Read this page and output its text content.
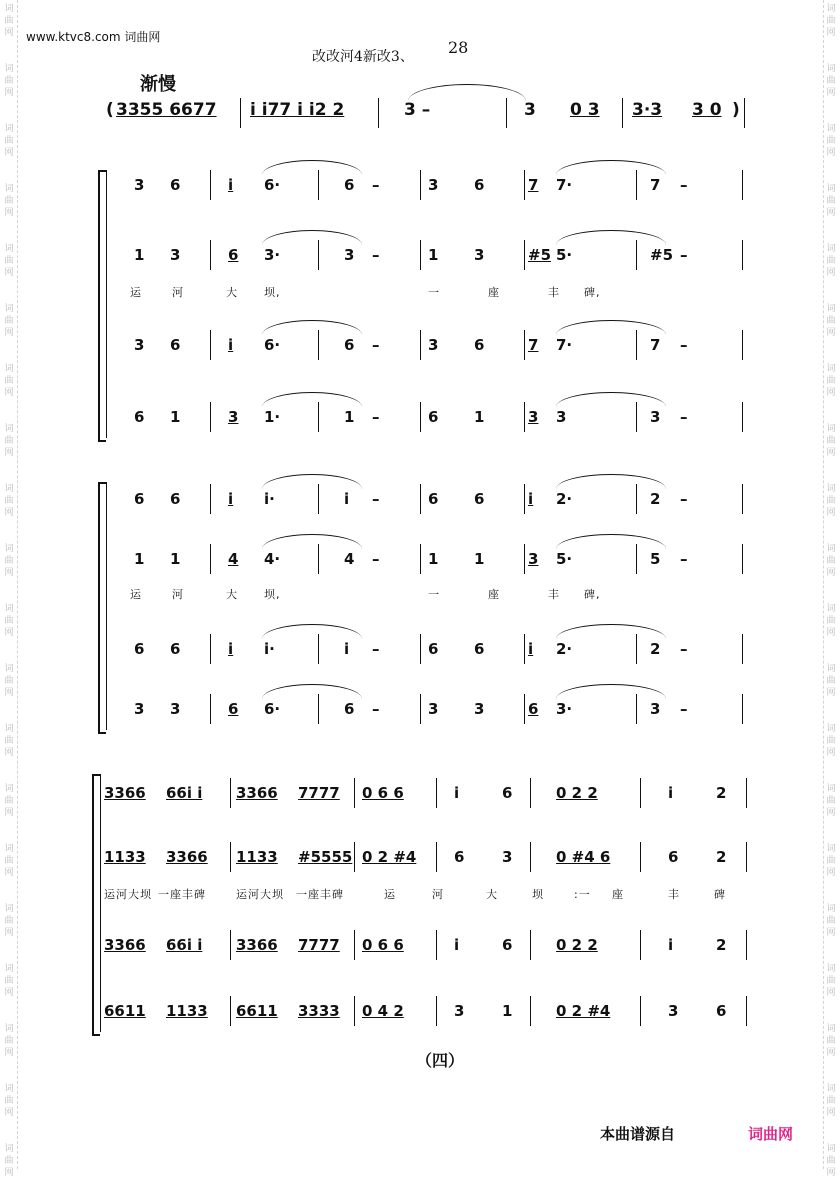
词
曲
网
词
曲
网
词
曲
网
词
曲
网
词
曲
网
词
曲
网
词
曲
网
词
曲
网
词
曲
网
词
曲
网
词
曲
网
词
曲
网
词
曲
网
词
曲
网
词
曲
网
词
曲
网
词
曲
网
词
曲
网
词
曲
网
词
曲
网
词
曲
网
词
曲
网
词
曲
网
词
曲
网
词
曲
网
词
曲
网
词
曲
网
词
曲
网
词
曲
网
词
曲
网
词
曲
网
词
曲
网
词
曲
网
词
曲
网
词
曲
网
词
曲
网
词
曲
网
词
曲
网
词
曲
网
词
曲
网
www.ktvc8.com 词曲网
改改河4新改3、 28
渐慢
( 3355 6677 i i77 i i2 2	3 –	3 0 3 3·3 3 0 )
3 6	i 6·	6 –	3 6	7 7·	7 –
1 3	6 3·	3 –	1 3	#5 5·	#5 –
3 6	i 6·	6 –	3 6	7 7·	7 –
6 1	3 1·	1 –	6 1	3 3	3 –
运	河	大 坝,	一	座	丰 碑,
6 6	i i·	i –	6 6	i 2·	2 –
1 1	4 4·	4 –	1 1	3 5·	5 –
6 6	i i·	i –	6 6	i 2·	2 –
3 3	6 6·	6 –	3 3	6 3·	3 –
运	河	大 坝,	一	座	丰 碑,
3366 66i i 3366 7777 0 6 6	i	6	0 2 2	i	2
1133 3366 1133 #5555 0 2 #4	6	3	0 #4 6	6	2
3366 66i i 3366 7777 0 6 6	i	6	0 2 2	i	2
6611 1133 6611 3333 0 4 2	3	1	0 2 #4	3	6
运河大坝 一座丰碑	运河大坝 一座丰碑	运	河	大	坝	:一 座	丰	碑
（四）
本曲谱源自	词曲网
